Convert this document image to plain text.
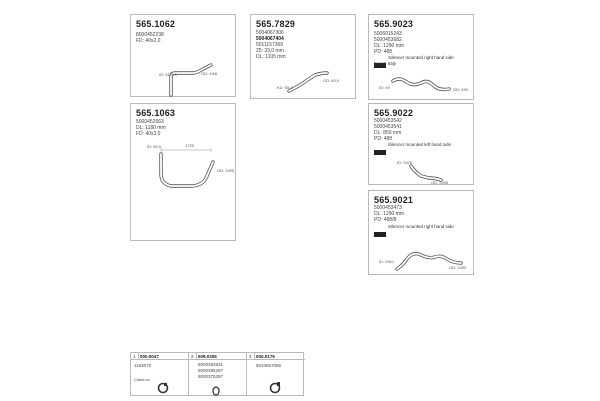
565.1062
8000452238
FD: 40x2,0
ID: 51,0/S	OD: 49/8
565.7829
5004067306
5004067404
5011157369
25: 33,0 mm
DL: 1105 mm
KD: 55,0
OD: 49,0
565.9023
5006015243
5000453682
DL: 1290 mm
PD: 488
Silencer mounted right hand side
Exact: Italy
ID: 49	OD: 499
565.1063
5000452663
DL: 1180 mm
FD: 40x3,0
ID: 50,0	1725
OD: 2495
565.9022
5000453542
5000453541
DL: 850 mm
PD: 488
Silencer mounted left hand side
ID: 0370
OD: 2499
565.9021
5000453473
DL: 1290 mm
PD: 488/8
Silencer mounted right hand side
ID: 0901
OD: 2493
1 000.0047
1163070
ClamLux
2 609.0306
5000392631
5000395297
5000375297
3 000.0179
5010657086
